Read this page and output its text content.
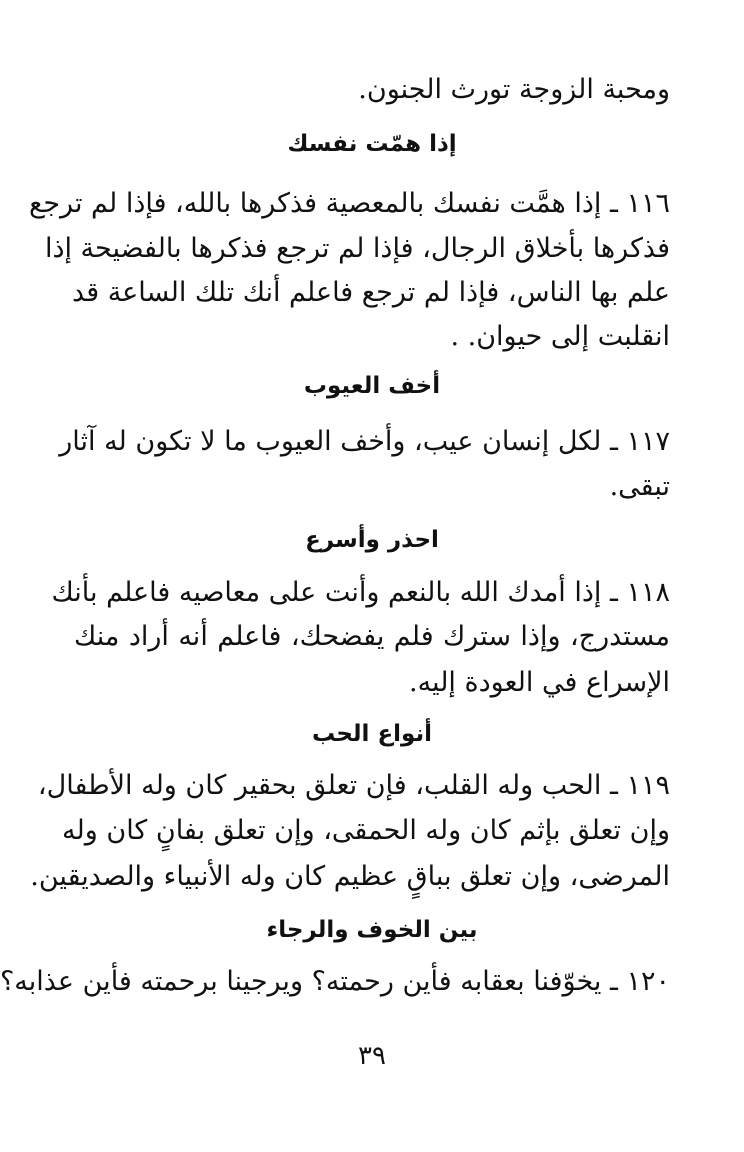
ومحبة الزوجة تورث الجنون.
إذا همّت نفسك
١١٦ ـ إذا همَّت نفسك بالمعصية فذكرها بالله، فإذا لم ترجع
فذكرها بأخلاق الرجال، فإذا لم ترجع فذكرها بالفضيحة إذا
علم بها الناس، فإذا لم ترجع فاعلم أنك تلك الساعة قد
انقلبت إلى حيوان. .
أخف العيوب
١١٧ ـ لكل إنسان عيب، وأخف العيوب ما لا تكون له آثار
تبقى.
احذر وأسرع
١١٨ ـ إذا أمدك الله بالنعم وأنت على معاصيه فاعلم بأنك
مستدرج، وإذا سترك فلم يفضحك، فاعلم أنه أراد منك
الإسراع في العودة إليه.
أنواع الحب
١١٩ ـ الحب وله القلب، فإن تعلق بحقير كان وله الأطفال،
وإن تعلق بإثم كان وله الحمقى، وإن تعلق بفانٍ كان وله
المرضى، وإن تعلق بباقٍ عظيم كان وله الأنبياء والصديقين.
بين الخوف والرجاء
١٢٠ ـ يخوّفنا بعقابه فأين رحمته؟ ويرجينا برحمته فأين عذابه؟
٣٩
